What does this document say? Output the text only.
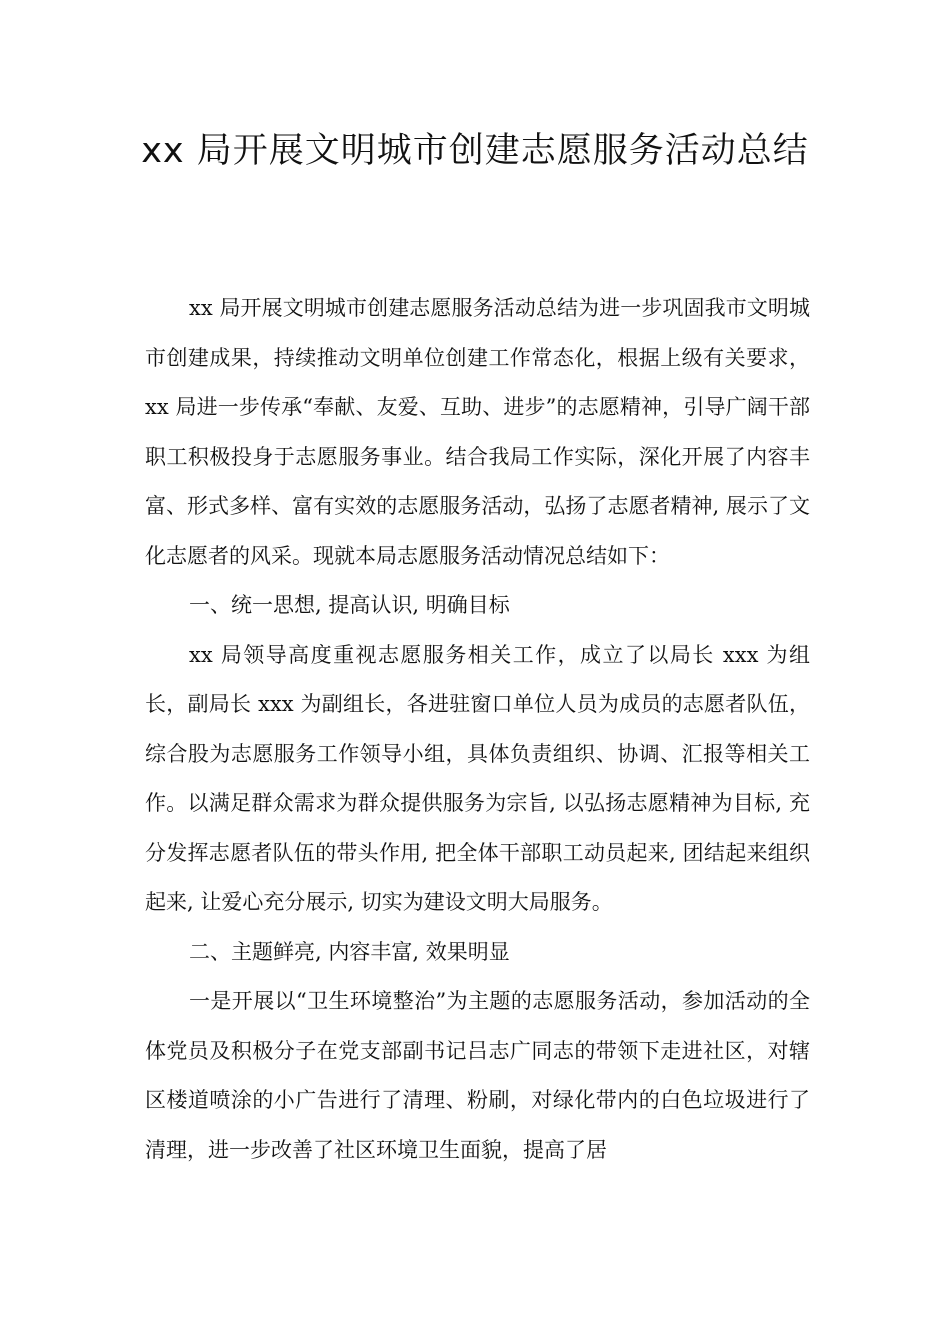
xx 局开展文明城市创建志愿服务活动总结

xx 局开展文明城市创建志愿服务活动总结为进一步巩固我市文明城市创建成果，持续推动文明单位创建工作常态化，根据上级有关要求，xx 局进一步传承“奉献、友爱、互助、进步”的志愿精神，引导广阔干部职工积极投身于志愿服务事业。结合我局工作实际，深化开展了内容丰富、形式多样、富有实效的志愿服务活动，弘扬了志愿者精神, 展示了文化志愿者的风采。现就本局志愿服务活动情况总结如下：

一、统一思想, 提高认识, 明确目标

xx 局领导高度重视志愿服务相关工作，成立了以局长 xxx 为组长，副局长 xxx 为副组长，各进驻窗口单位人员为成员的志愿者队伍，综合股为志愿服务工作领导小组，具体负责组织、协调、汇报等相关工作。以满足群众需求为群众提供服务为宗旨, 以弘扬志愿精神为目标, 充分发挥志愿者队伍的带头作用, 把全体干部职工动员起来, 团结起来组织起来, 让爱心充分展示, 切实为建设文明大局服务。

二、主题鲜亮, 内容丰富, 效果明显

一是开展以“卫生环境整治”为主题的志愿服务活动，参加活动的全体党员及积极分子在党支部副书记吕志广同志的带领下走进社区，对辖区楼道喷涂的小广告进行了清理、粉刷，对绿化带内的白色垃圾进行了清理，进一步改善了社区环境卫生面貌，提高了居
